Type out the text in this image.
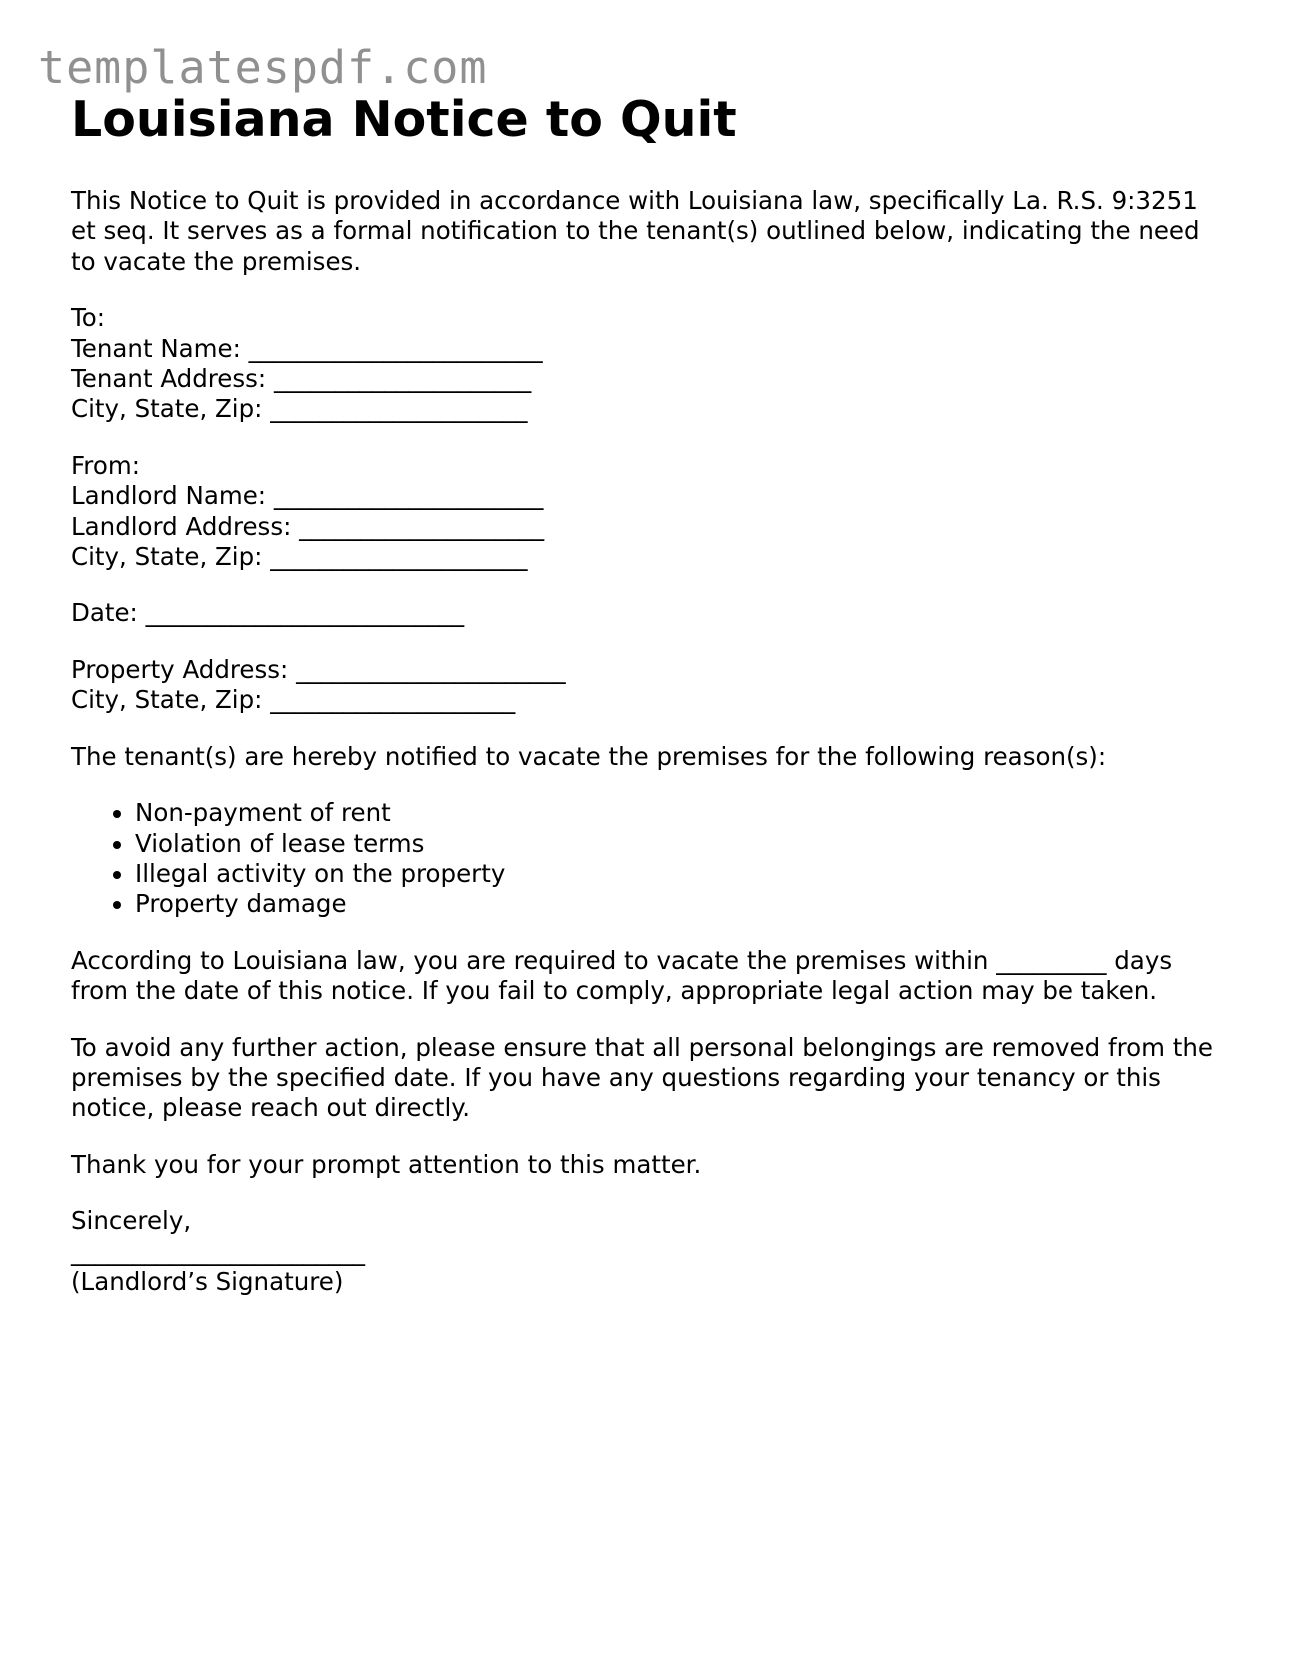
templatespdf.com
Louisiana Notice to Quit

This Notice to Quit is provided in accordance with Louisiana law, specifically La. R.S. 9:3251 et seq. It serves as a formal notification to the tenant(s) outlined below, indicating the need to vacate the premises.

To:
Tenant Name: ________________________
Tenant Address: _____________________
City, State, Zip: _____________________
From:
Landlord Name: ______________________
Landlord Address: ____________________
City, State, Zip: _____________________
Date: __________________________
Property Address: ______________________
City, State, Zip: ____________________

The tenant(s) are hereby notified to vacate the premises for the following reason(s):

• Non-payment of rent
• Violation of lease terms
• Illegal activity on the property
• Property damage

According to Louisiana law, you are required to vacate the premises within _________ days from the date of this notice. If you fail to comply, appropriate legal action may be taken.

To avoid any further action, please ensure that all personal belongings are removed from the premises by the specified date. If you have any questions regarding your tenancy or this notice, please reach out directly.

Thank you for your prompt attention to this matter.

Sincerely,
________________________
(Landlord’s Signature)
